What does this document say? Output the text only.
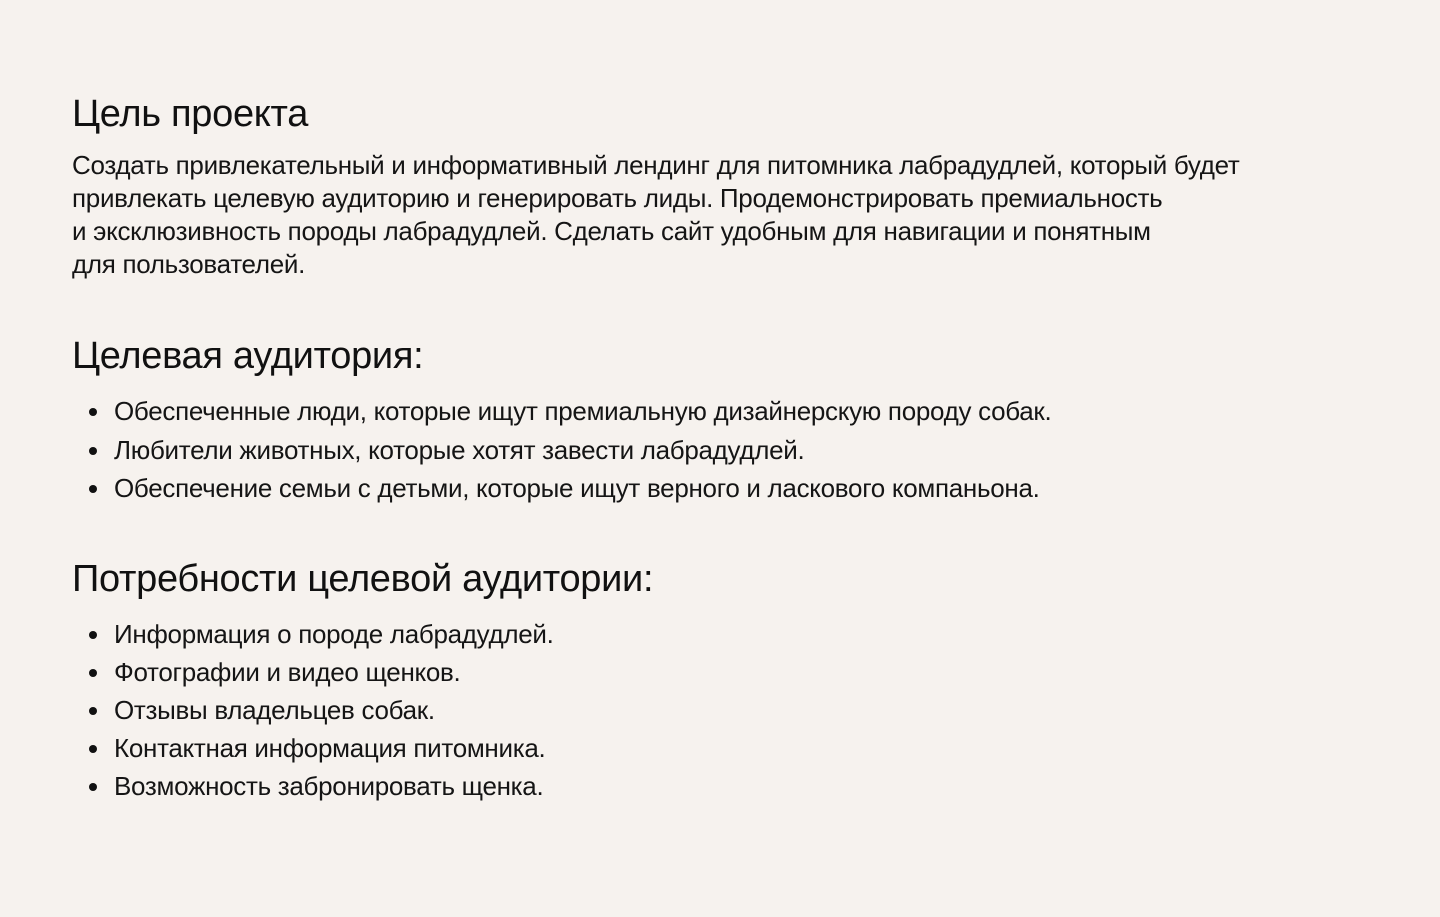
Цель проекта
Создать привлекательный и информативный лендинг для питомника лабрадудлей, который будет
привлекать целевую аудиторию и генерировать лиды. Продемонстрировать премиальность
и эксклюзивность породы лабрадудлей. Сделать сайт удобным для навигации и понятным
для пользователей.
Целевая аудитория:
Обеспеченные люди, которые ищут премиальную дизайнерскую породу собак.
Любители животных, которые хотят завести лабрадудлей.
Обеспечение семьи с детьми, которые ищут верного и ласкового компаньона.
Потребности целевой аудитории:
Информация о породе лабрадудлей.
Фотографии и видео щенков.
Отзывы владельцев собак.
Контактная информация питомника.
Возможность забронировать щенка.
